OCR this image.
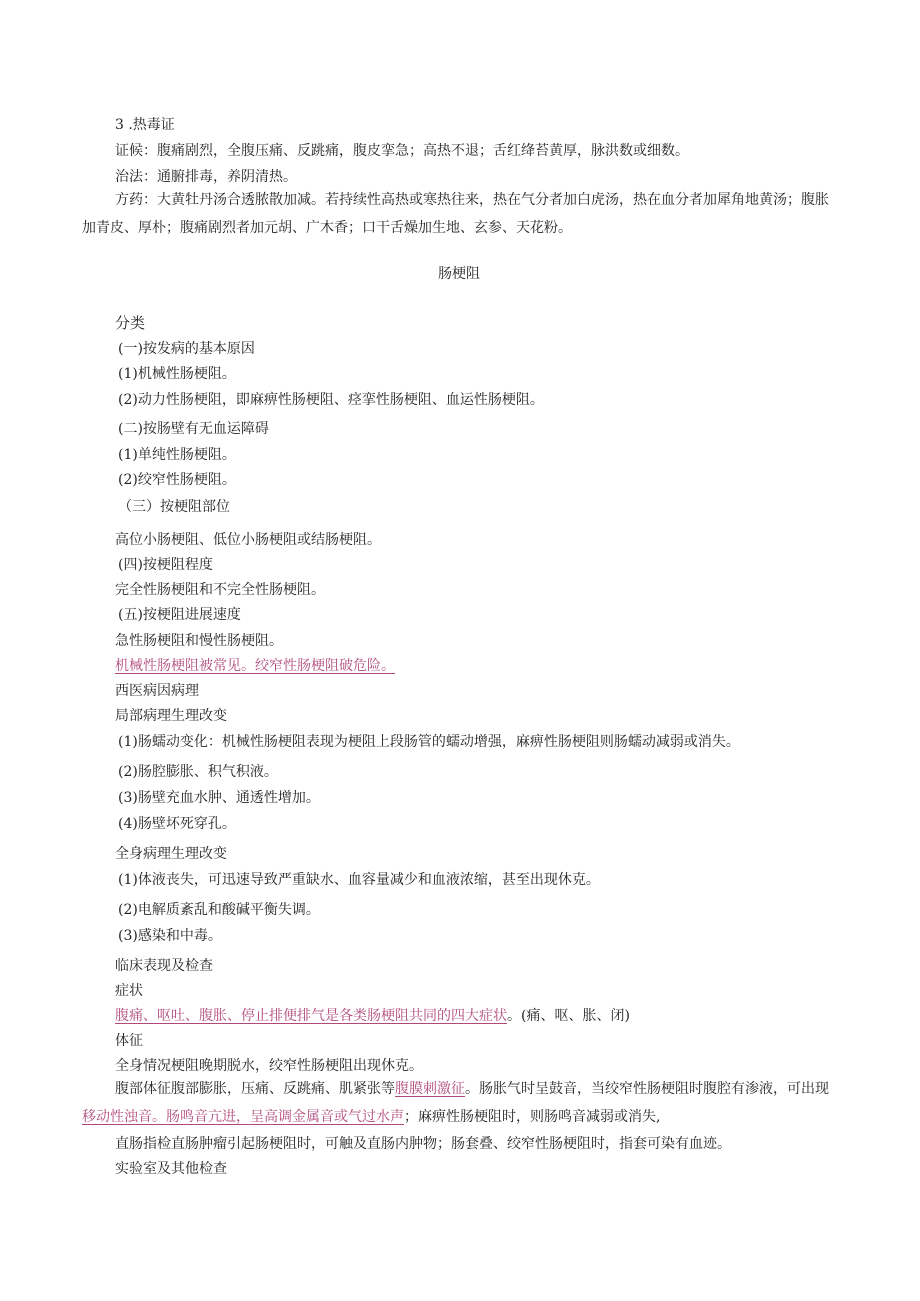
3 .热毒证
证候：腹痛剧烈，全腹压痛、反跳痛，腹皮挛急；高热不退；舌红绛苔黄厚，脉洪数或细数。
治法：通腑排毒，养阴清热。
方药：大黄牡丹汤合透脓散加减。若持续性高热或寒热往来，热在气分者加白虎汤，热在血分者加犀角地黄汤；腹胀加青皮、厚朴；腹痛剧烈者加元胡、广木香；口干舌燥加生地、玄参、天花粉。
肠梗阻
分类
(一)按发病的基本原因
(1)机械性肠梗阻。
(2)动力性肠梗阻，即麻痹性肠梗阻、痉挛性肠梗阻、血运性肠梗阻。
(二)按肠壁有无血运障碍
(1)单纯性肠梗阻。
(2)绞窄性肠梗阻。
（三）按梗阻部位
高位小肠梗阻、低位小肠梗阻或结肠梗阻。
(四)按梗阻程度
完全性肠梗阻和不完全性肠梗阻。
(五)按梗阻进展速度
急性肠梗阻和慢性肠梗阻。
机械性肠梗阻被常见。绞窄性肠梗阻破危险。
西医病因病理
局部病理生理改变
(1)肠蠕动变化：机械性肠梗阻表现为梗阻上段肠管的蠕动增强，麻痹性肠梗阻则肠蠕动减弱或消失。
(2)肠腔膨胀、积气积液。
(3)肠壁充血水肿、通透性增加。
(4)肠壁坏死穿孔。
全身病理生理改变
(1)体液丧失，可迅速导致严重缺水、血容量减少和血液浓缩，甚至出现休克。
(2)电解质紊乱和酸碱平衡失调。
(3)感染和中毒。
临床表现及检查
症状
腹痛、呕吐、腹胀、停止排便排气是各类肠梗阻共同的四大症状。(痛、呕、胀、闭)
体征
全身情况梗阻晚期脱水，绞窄性肠梗阻出现休克。
腹部体征腹部膨胀，压痛、反跳痛、肌紧张等腹膜刺激征。肠胀气时呈鼓音，当绞窄性肠梗阻时腹腔有渗液，可出现移动性浊音。肠鸣音亢进，呈高调金属音或气过水声；麻痹性肠梗阻时，则肠鸣音减弱或消失,
直肠指检直肠肿瘤引起肠梗阻时，可触及直肠内肿物；肠套叠、绞窄性肠梗阻时，指套可染有血迹。
实验室及其他检查
